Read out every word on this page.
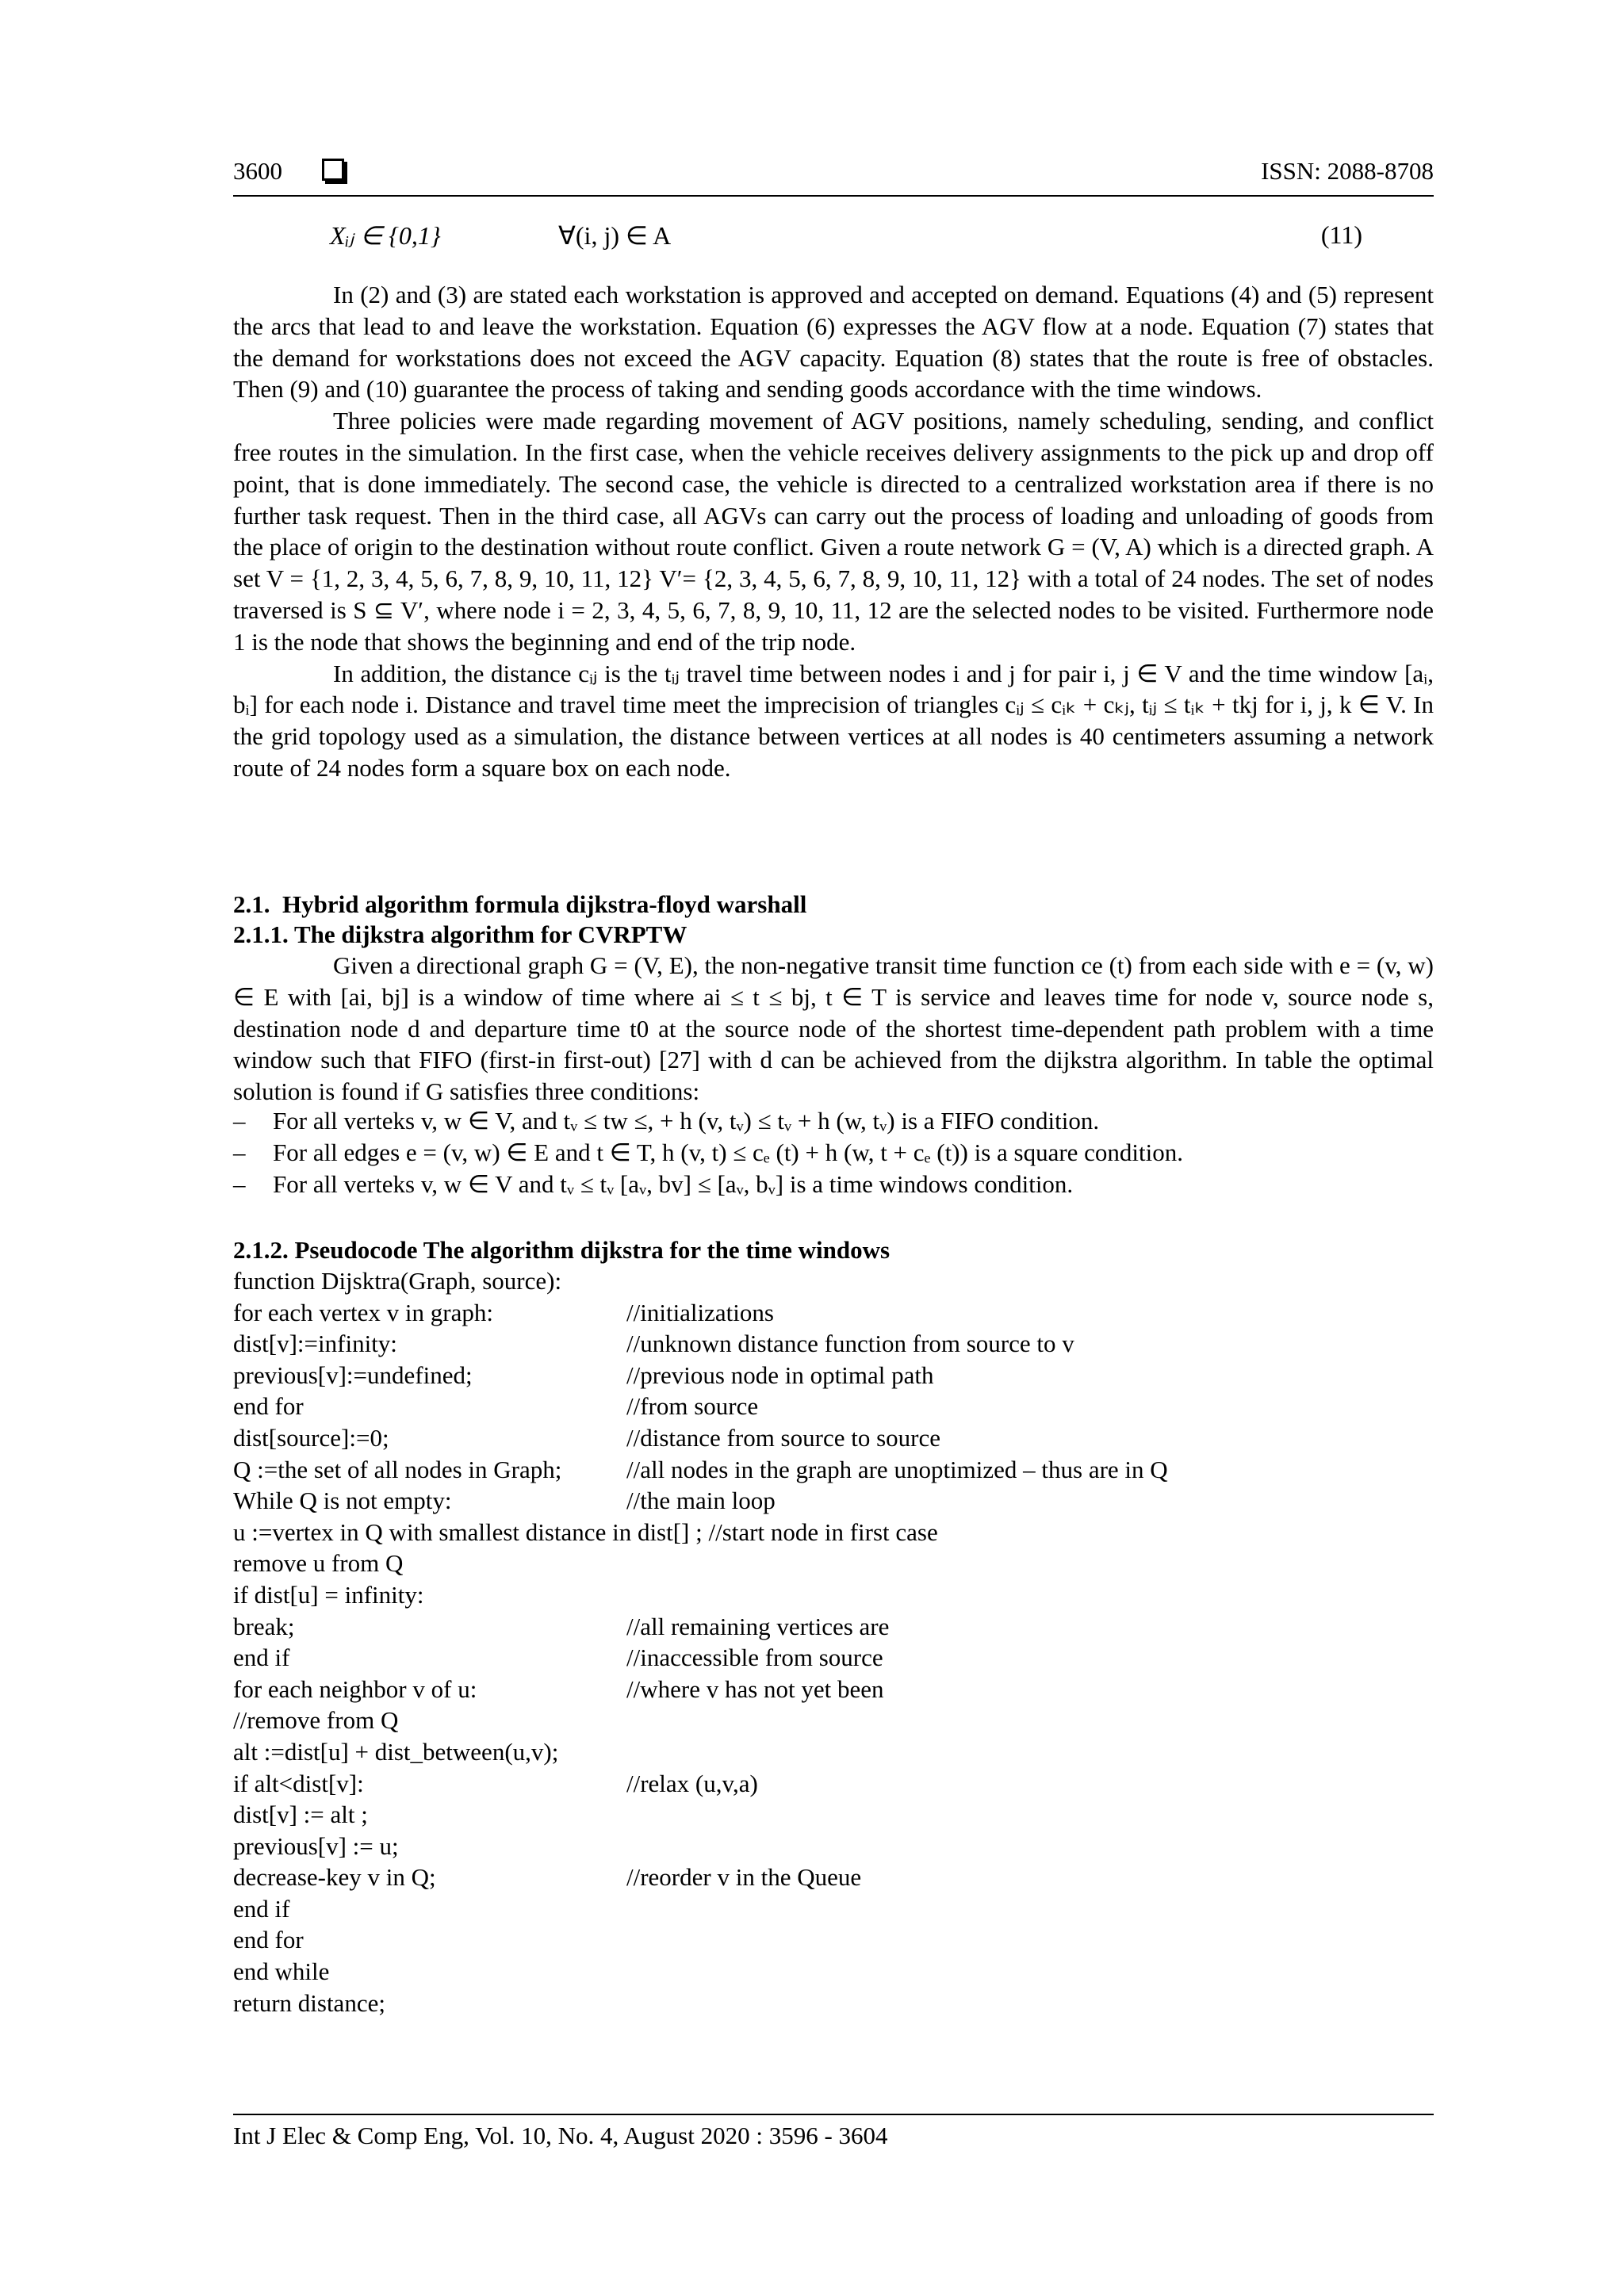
3600	ISSN: 2088-8708
Xᵢⱼ ∈ {0,1}	∀(i, j) ∈ A	(11)

In (2) and (3) are stated each workstation is approved and accepted on demand. Equations (4) and (5) represent the arcs that lead to and leave the workstation. Equation (6) expresses the AGV flow at a node. Equation (7) states that the demand for workstations does not exceed the AGV capacity. Equation (8) states that the route is free of obstacles. Then (9) and (10) guarantee the process of taking and sending goods accordance with the time windows.

Three policies were made regarding movement of AGV positions, namely scheduling, sending, and conflict free routes in the simulation. In the first case, when the vehicle receives delivery assignments to the pick up and drop off point, that is done immediately. The second case, the vehicle is directed to a centralized workstation area if there is no further task request. Then in the third case, all AGVs can carry out the process of loading and unloading of goods from the place of origin to the destination without route conflict. Given a route network G = (V, A) which is a directed graph. A set V = {1, 2, 3, 4, 5, 6, 7, 8, 9, 10, 11, 12} V′= {2, 3, 4, 5, 6, 7, 8, 9, 10, 11, 12} with a total of 24 nodes. The set of nodes traversed is S ⊆ V′, where node i = 2, 3, 4, 5, 6, 7, 8, 9, 10, 11, 12 are the selected nodes to be visited. Furthermore node 1 is the node that shows the beginning and end of the trip node.

In addition, the distance cᵢⱼ is the tᵢⱼ travel time between nodes i and j for pair i, j ∈ V and the time window [aᵢ, bᵢ] for each node i. Distance and travel time meet the imprecision of triangles cᵢⱼ ≤ cᵢₖ + cₖⱼ, tᵢⱼ ≤ tᵢₖ + tkj for i, j, k ∈ V. In the grid topology used as a simulation, the distance between vertices at all nodes is 40 centimeters assuming a network route of 24 nodes form a square box on each node.

2.1.  Hybrid algorithm formula dijkstra-floyd warshall
2.1.1. The dijkstra algorithm for CVRPTW

Given a directional graph G = (V, E), the non-negative transit time function ce (t) from each side with e = (v, w) ∈ E with [ai, bj] is a window of time where ai ≤ t ≤ bj, t ∈ T is service and leaves time for node v, source node s, destination node d and departure time t0 at the source node of the shortest time-dependent path problem with a time window such that FIFO (first-in first-out) [27] with d can be achieved from the dijkstra algorithm. In table the optimal solution is found if G satisfies three conditions:

– For all verteks v, w ∈ V, and tᵥ ≤ tw ≤, + h (v, tᵥ) ≤ tᵥ + h (w, tᵥ) is a FIFO condition.
– For all edges e = (v, w) ∈ E and t ∈ T, h (v, t) ≤ cₑ (t) + h (w, t + cₑ (t)) is a square condition.
– For all verteks v, w ∈ V and tᵥ ≤ tᵥ [aᵥ, bv] ≤ [aᵥ, bᵥ] is a time windows condition.
2.1.2. Pseudocode The algorithm dijkstra for the time windows
function Dijsktra(Graph, source):
for each vertex v in graph:	//initializations
dist[v]:=infinity:	//unknown distance function from source to v
previous[v]:=undefined;	//previous node in optimal path
end for	//from source
dist[source]:=0;	//distance from source to source
Q :=the set of all nodes in Graph;	//all nodes in the graph are unoptimized – thus are in Q
While Q is not empty:	//the main loop
u :=vertex in Q with smallest distance in dist[] ; //start node in first case
remove u from Q
if dist[u] = infinity:
break;	//all remaining vertices are
end if	//inaccessible from source
for each neighbor v of u:	//where v has not yet been
//remove from Q
alt :=dist[u] + dist_between(u,v);
if alt<dist[v]:	//relax (u,v,a)
dist[v] := alt ;
previous[v] := u;
decrease-key v in Q;	//reorder v in the Queue
end if
end for
end while
return distance;
Int J Elec & Comp Eng, Vol. 10, No. 4, August 2020 : 3596 - 3604
